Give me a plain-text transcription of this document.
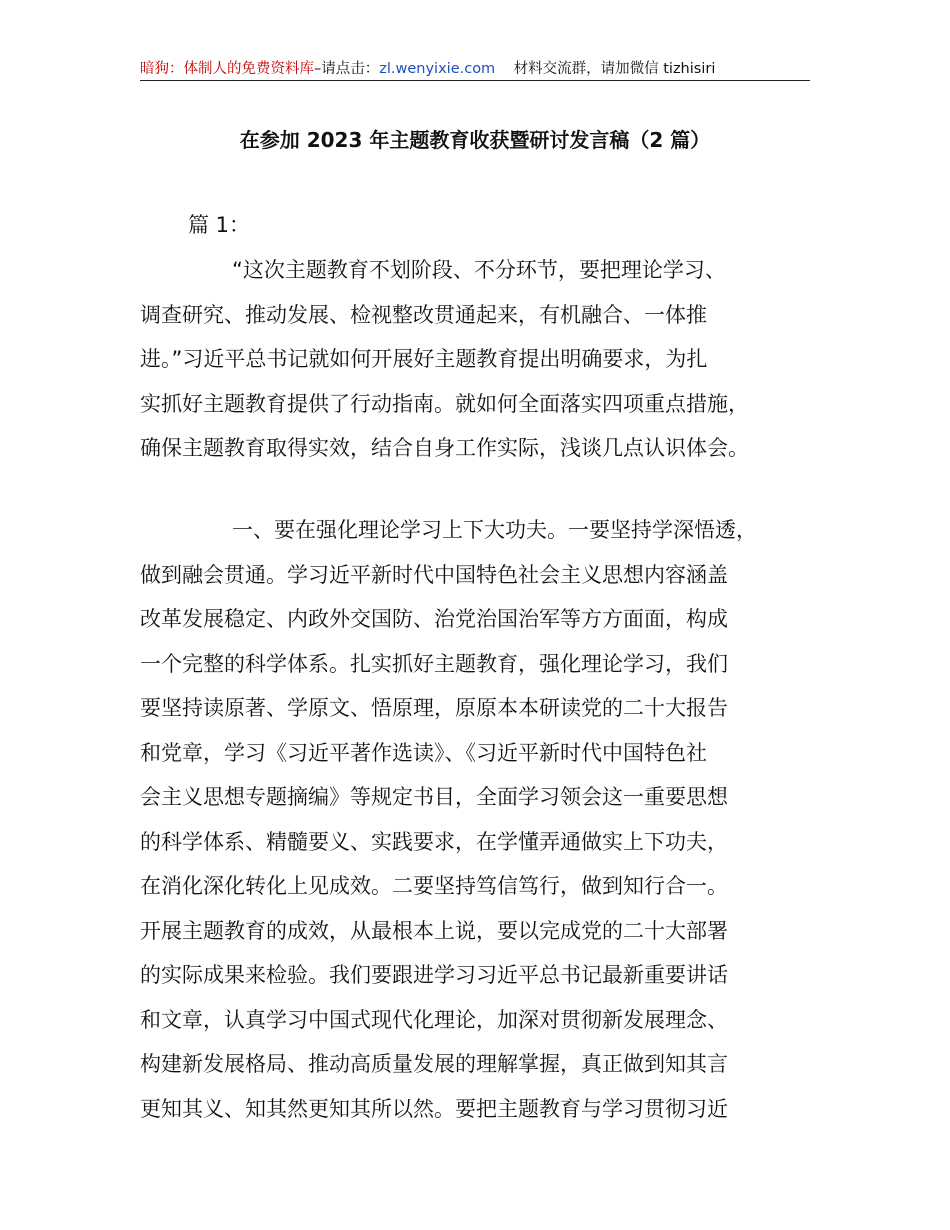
暗狗：体制人的免费资料库–请点击：zl.wenyixie.com 材料交流群，请加微信 tizhisiri
在参加 2023 年主题教育收获暨研讨发言稿（2 篇）
篇 1：
“这次主题教育不划阶段、不分环节，要把理论学习、
调查研究、推动发展、检视整改贯通起来，有机融合、一体推
进。”习近平总书记就如何开展好主题教育提出明确要求，为扎
实抓好主题教育提供了行动指南。就如何全面落实四项重点措施，
确保主题教育取得实效，结合自身工作实际，浅谈几点认识体会。
一、要在强化理论学习上下大功夫。一要坚持学深悟透，
做到融会贯通。学习近平新时代中国特色社会主义思想内容涵盖
改革发展稳定、内政外交国防、治党治国治军等方方面面，构成
一个完整的科学体系。扎实抓好主题教育，强化理论学习，我们
要坚持读原著、学原文、悟原理，原原本本研读党的二十大报告
和党章，学习《习近平著作选读》、《习近平新时代中国特色社
会主义思想专题摘编》等规定书目，全面学习领会这一重要思想
的科学体系、精髓要义、实践要求，在学懂弄通做实上下功夫，
在消化深化转化上见成效。二要坚持笃信笃行，做到知行合一。
开展主题教育的成效，从最根本上说，要以完成党的二十大部署
的实际成果来检验。我们要跟进学习习近平总书记最新重要讲话
和文章，认真学习中国式现代化理论，加深对贯彻新发展理念、
构建新发展格局、推动高质量发展的理解掌握，真正做到知其言
更知其义、知其然更知其所以然。要把主题教育与学习贯彻习近
